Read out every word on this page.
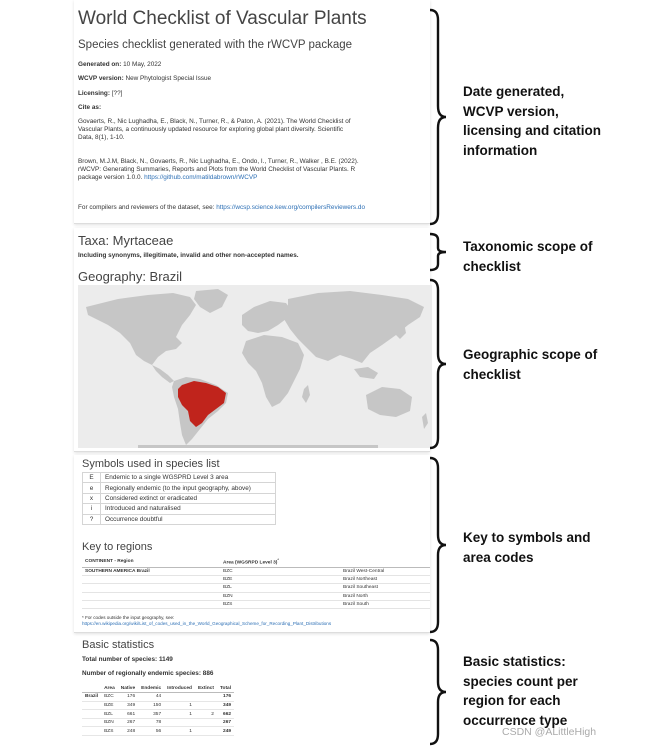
World Checklist of Vascular Plants
Species checklist generated with the rWCVP package
Generated on: 10 May, 2022
WCVP version: New Phytologist Special Issue
Licensing: [??]
Cite as:
Govaerts, R., Nic Lughadha, E., Black, N., Turner, R., & Paton, A. (2021). The World Checklist of
Vascular Plants, a continuously updated resource for exploring global plant diversity. Scientific
Data, 8(1), 1-10.
Brown, M.J.M, Black, N., Govaerts, R., Nic Lughadha, E., Ondo, I., Turner, R., Walker , B.E. (2022).
rWCVP: Generating Summaries, Reports and Plots from the World Checklist of Vascular Plants. R
package version 1.0.0. https://github.com/matildabrown/rWCVP
For compilers and reviewers of the dataset, see: https://wcsp.science.kew.org/compilersReviewers.do
Taxa: Myrtaceae
Including synonyms, illegitimate, invalid and other non-accepted names.
Geography: Brazil
Symbols used in species list
E	Endemic to a single WGSPRD Level 3 area
e	Regionally endemic (to the input geography, above)
x	Considered extinct or eradicated
i	Introduced and naturalised
?	Occurrence doubtful
Key to regions
CONTINENT - Region	Area (WGSRPD Level 3)*
SOUTHERN AMERICA Brazil	BZC	Brazil West-Central
	BZE	Brazil Northeast
	BZL	Brazil Southeast
	BZN	Brazil North
	BZS	Brazil South
* For codes outside the input geography, see:
https://en.wikipedia.org/wiki/List_of_codes_used_in_the_World_Geographical_Scheme_for_Recording_Plant_Distributions
Basic statistics
Total number of species: 1149
Number of regionally endemic species: 886
	Area	Native	Endemic	Introduced	Extinct	Total
Brazil	BZC	176	44			176
	BZE	349	150	1		349
	BZL	661	357	1	2	662
	BZN	267	78			267
	BZS	248	56	1		249
Date generated,
WCVP version,
licensing and citation
information
Taxonomic scope of
checklist
Geographic scope of
checklist
Key to symbols and
area codes
Basic statistics:
species count per
region for each
occurrence type
CSDN @ALittleHigh
